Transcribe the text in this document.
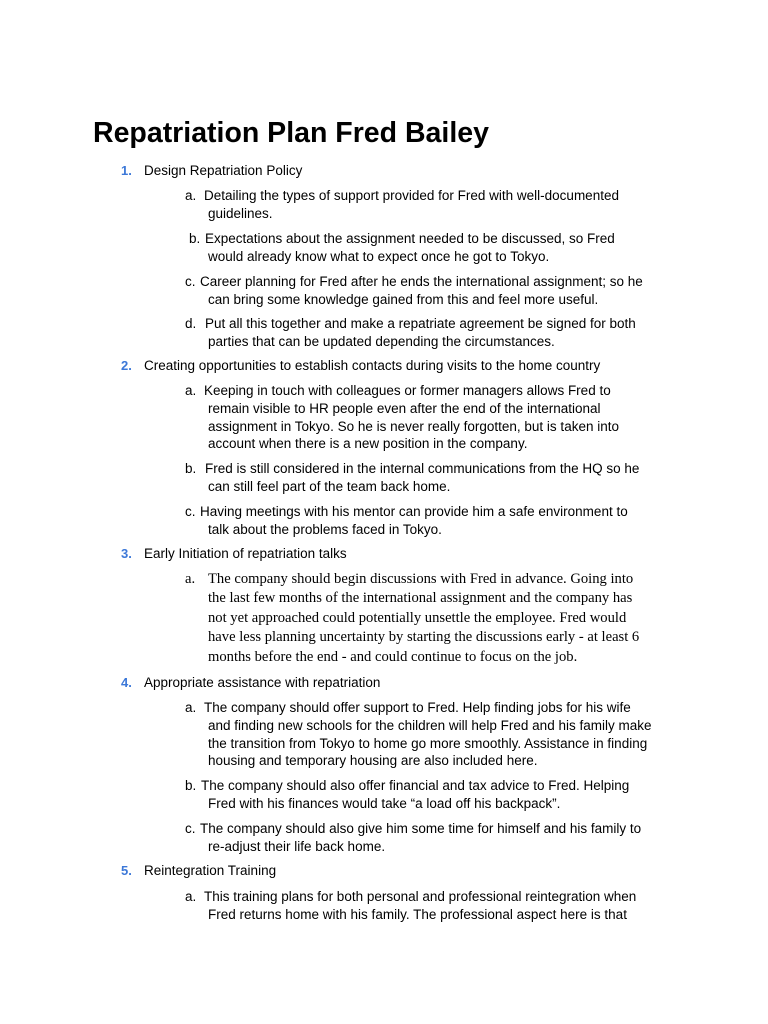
Repatriation Plan Fred Bailey
1. Design Repatriation Policy
a. Detailing the types of support provided for Fred with well-documented
guidelines.
b. Expectations about the assignment needed to be discussed, so Fred
would already know what to expect once he got to Tokyo.
c. Career planning for Fred after he ends the international assignment; so he
can bring some knowledge gained from this and feel more useful.
d. Put all this together and make a repatriate agreement be signed for both
parties that can be updated depending the circumstances.
2. Creating opportunities to establish contacts during visits to the home country
a. Keeping in touch with colleagues or former managers allows Fred to
remain visible to HR people even after the end of the international
assignment in Tokyo. So he is never really forgotten, but is taken into
account when there is a new position in the company.
b. Fred is still considered in the internal communications from the HQ so he
can still feel part of the team back home.
c. Having meetings with his mentor can provide him a safe environment to
talk about the problems faced in Tokyo.
3. Early Initiation of repatriation talks
a. The company should begin discussions with Fred in advance. Going into
the last few months of the international assignment and the company has
not yet approached could potentially unsettle the employee. Fred would
have less planning uncertainty by starting the discussions early - at least 6
months before the end - and could continue to focus on the job.
4. Appropriate assistance with repatriation
a. The company should offer support to Fred. Help finding jobs for his wife
and finding new schools for the children will help Fred and his family make
the transition from Tokyo to home go more smoothly. Assistance in finding
housing and temporary housing are also included here.
b. The company should also offer financial and tax advice to Fred. Helping
Fred with his finances would take “a load off his backpack”.
c. The company should also give him some time for himself and his family to
re-adjust their life back home.
5. Reintegration Training
a. This training plans for both personal and professional reintegration when
Fred returns home with his family. The professional aspect here is that
